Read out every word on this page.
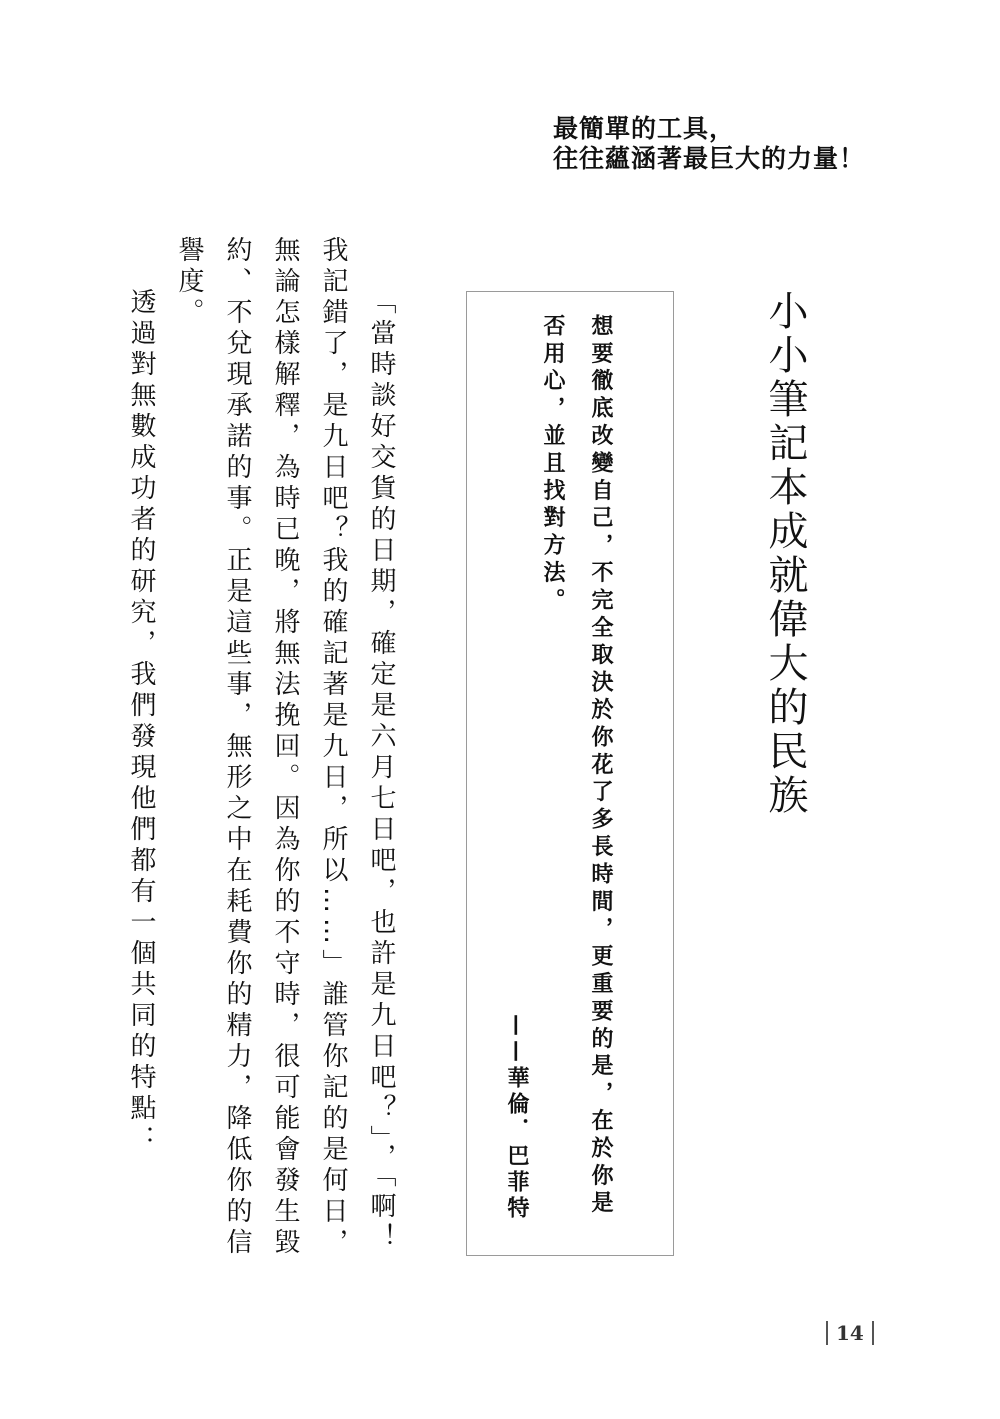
最簡單的工具，
往往蘊涵著最巨大的力量！
小小筆記本成就偉大的民族
想要徹底改變自己，不完全取決於你花了多長時間，更重要的是，在於你是否用心，並且找對方法。
——華倫．巴菲特

「當時談好交貨的日期，確定是六月七日吧，也許是九日吧？」，「啊！我記錯了，是九日吧？我的確記著是九日，所以……」誰管你記的是何日，無論怎樣解釋，為時已晚，將無法挽回。因為你的不守時，很可能會發生毀約、不兌現承諾的事。正是這些事，無形之中在耗費你的精力，降低你的信譽度。

透過對無數成功者的研究，我們發現他們都有一個共同的特點：

14
